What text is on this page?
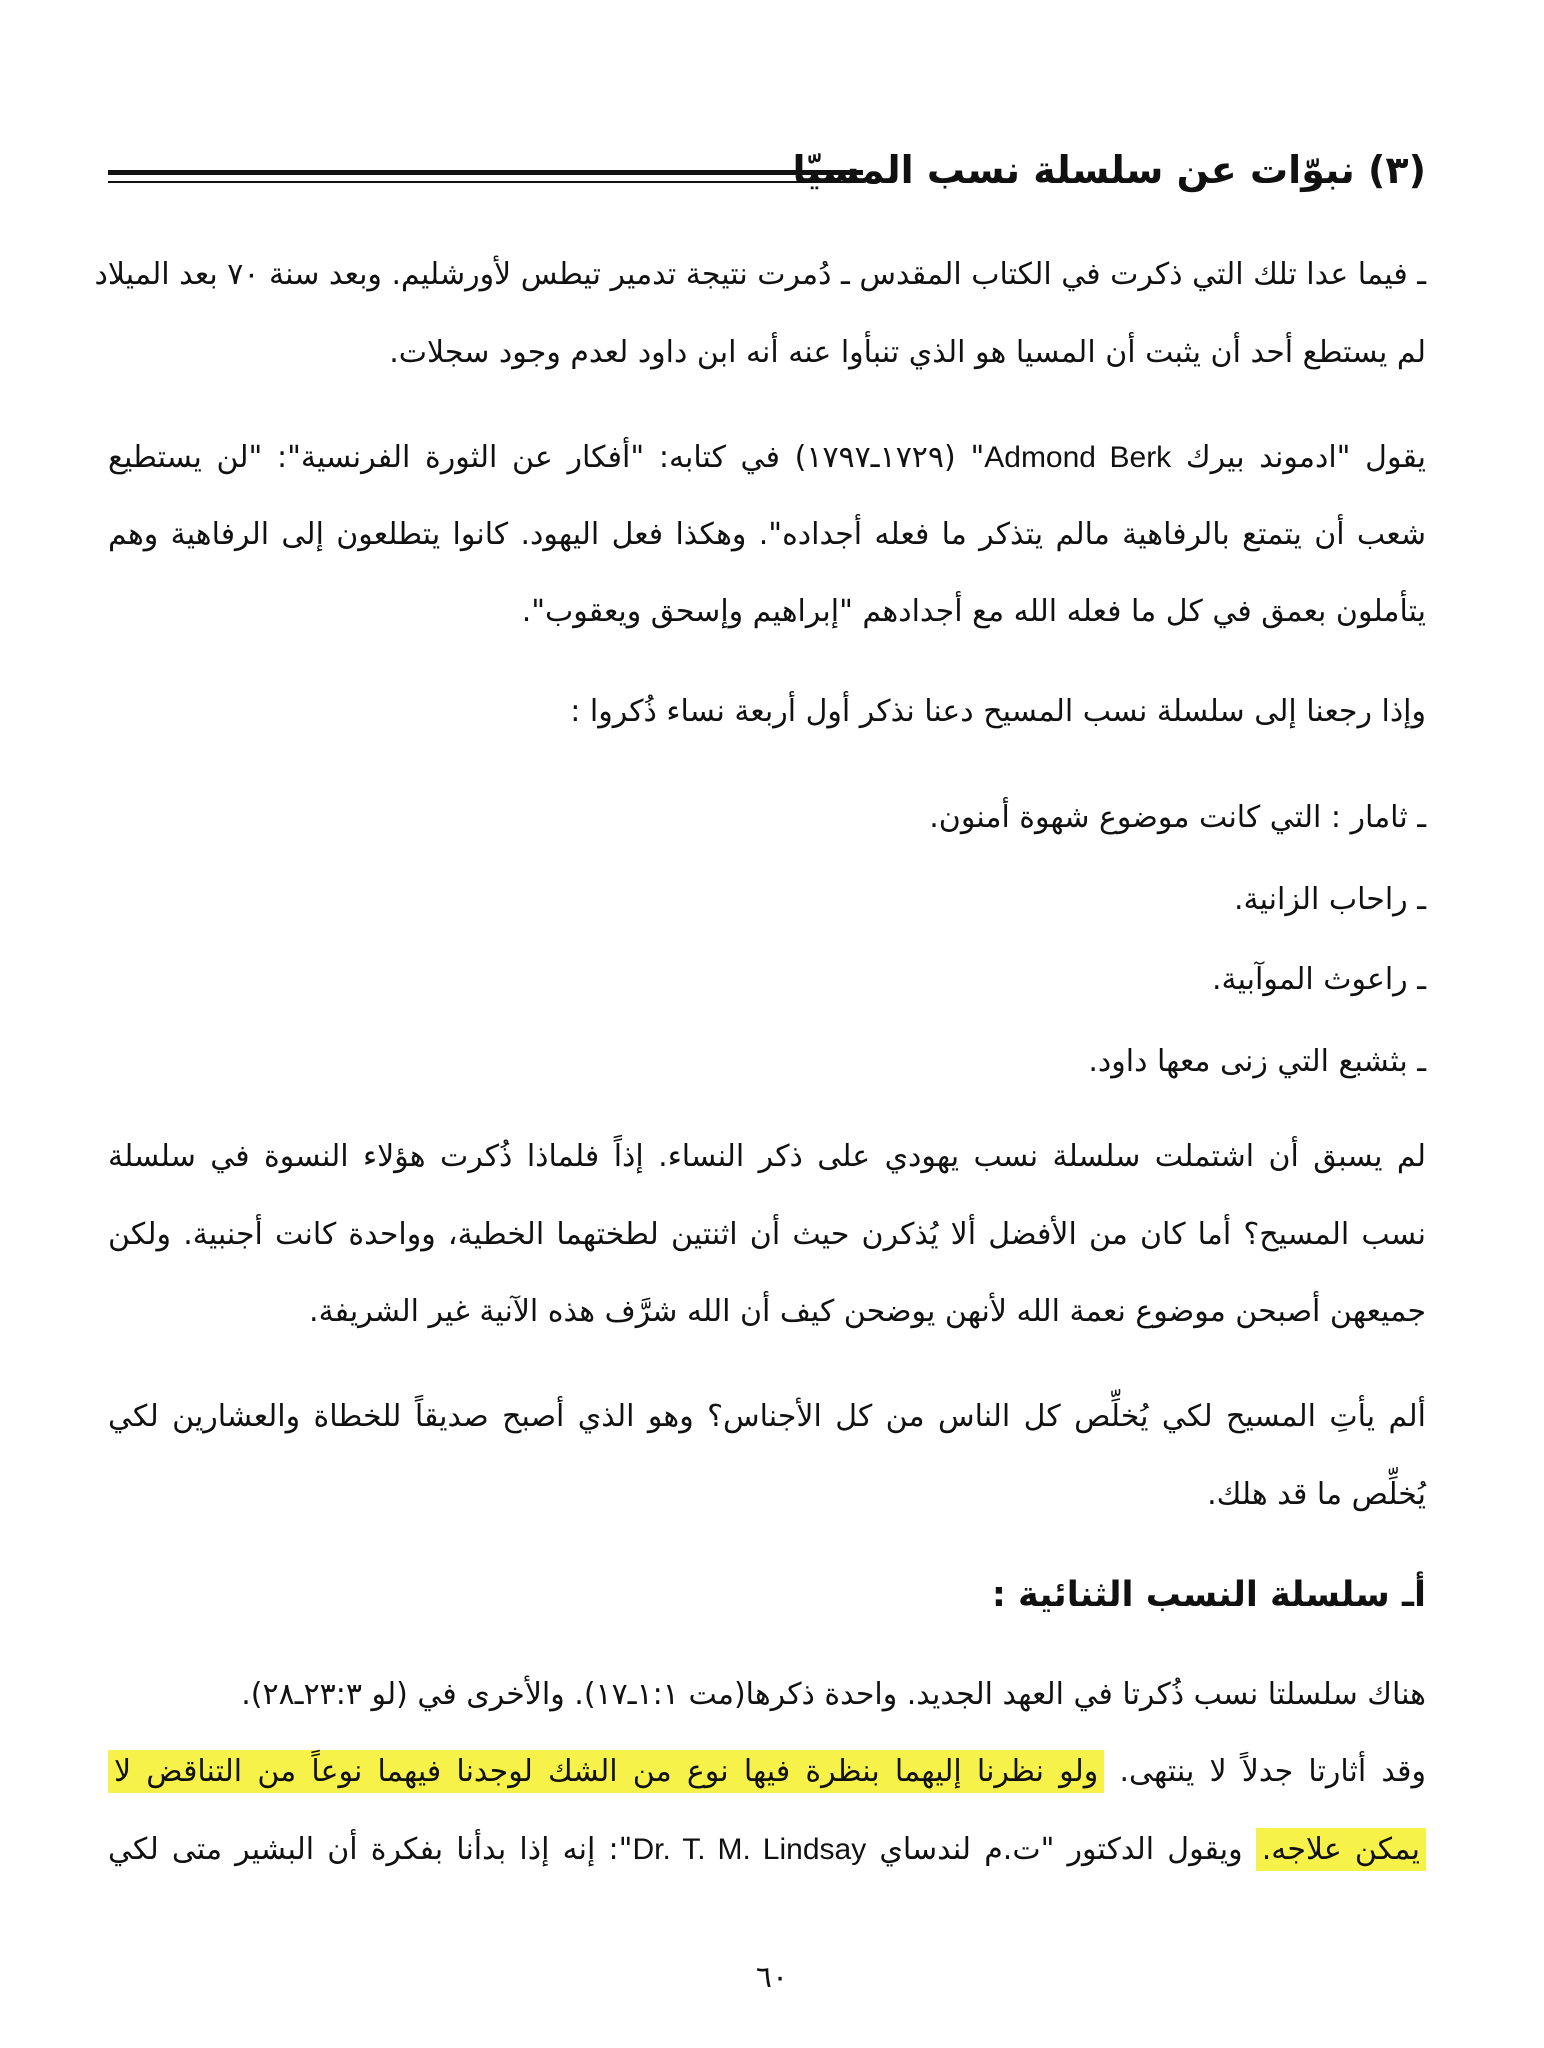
(٣) نبوّات عن سلسلة نسب المسيّا
ـ فيما عدا تلك التي ذكرت في الكتاب المقدس ـ دُمرت نتيجة تدمير تيطس لأورشليم. وبعد سنة ٧٠ بعد الميلاد
لم يستطع أحد أن يثبت أن المسيا هو الذي تنبأوا عنه أنه ابن داود لعدم وجود سجلات.
يقول "ادموند بيرك Admond Berk" (١٧٢٩ـ١٧٩٧) في كتابه: "أفكار عن الثورة الفرنسية": "لن يستطيع
شعب أن يتمتع بالرفاهية مالم يتذكر ما فعله أجداده". وهكذا فعل اليهود. كانوا يتطلعون إلى الرفاهية وهم
يتأملون بعمق في كل ما فعله الله مع أجدادهم "إبراهيم وإسحق ويعقوب".
وإذا رجعنا إلى سلسلة نسب المسيح دعنا نذكر أول أربعة نساء ذُكروا :
ـ ثامار : التي كانت موضوع شهوة أمنون.
ـ راحاب الزانية.
ـ راعوث الموآبية.
ـ بثشبع التي زنى معها داود.
لم يسبق أن اشتملت سلسلة نسب يهودي على ذكر النساء. إذاً فلماذا ذُكرت هؤلاء النسوة في سلسلة
نسب المسيح؟ أما كان من الأفضل ألا يُذكرن حيث أن اثنتين لطختهما الخطية، وواحدة كانت أجنبية. ولكن
جميعهن أصبحن موضوع نعمة الله لأنهن يوضحن كيف أن الله شرَّف هذه الآنية غير الشريفة.
ألم يأتِ المسيح لكي يُخلِّص كل الناس من كل الأجناس؟ وهو الذي أصبح صديقاً للخطاة والعشارين لكي
يُخلِّص ما قد هلك.
أـ سلسلة النسب الثنائية :
هناك سلسلتا نسب ذُكرتا في العهد الجديد. واحدة ذكرها(مت ١:١ـ١٧). والأخرى في (لو ٢٣:٣ـ٢٨).
وقد أثارتا جدلاً لا ينتهى. ولو نظرنا إليهما بنظرة فيها نوع من الشك لوجدنا فيهما نوعاً من التناقض لا
يمكن علاجه. ويقول الدكتور "ت.م لندساي Dr. T. M. Lindsay": إنه إذا بدأنا بفكرة أن البشير متى لكي
٦٠
